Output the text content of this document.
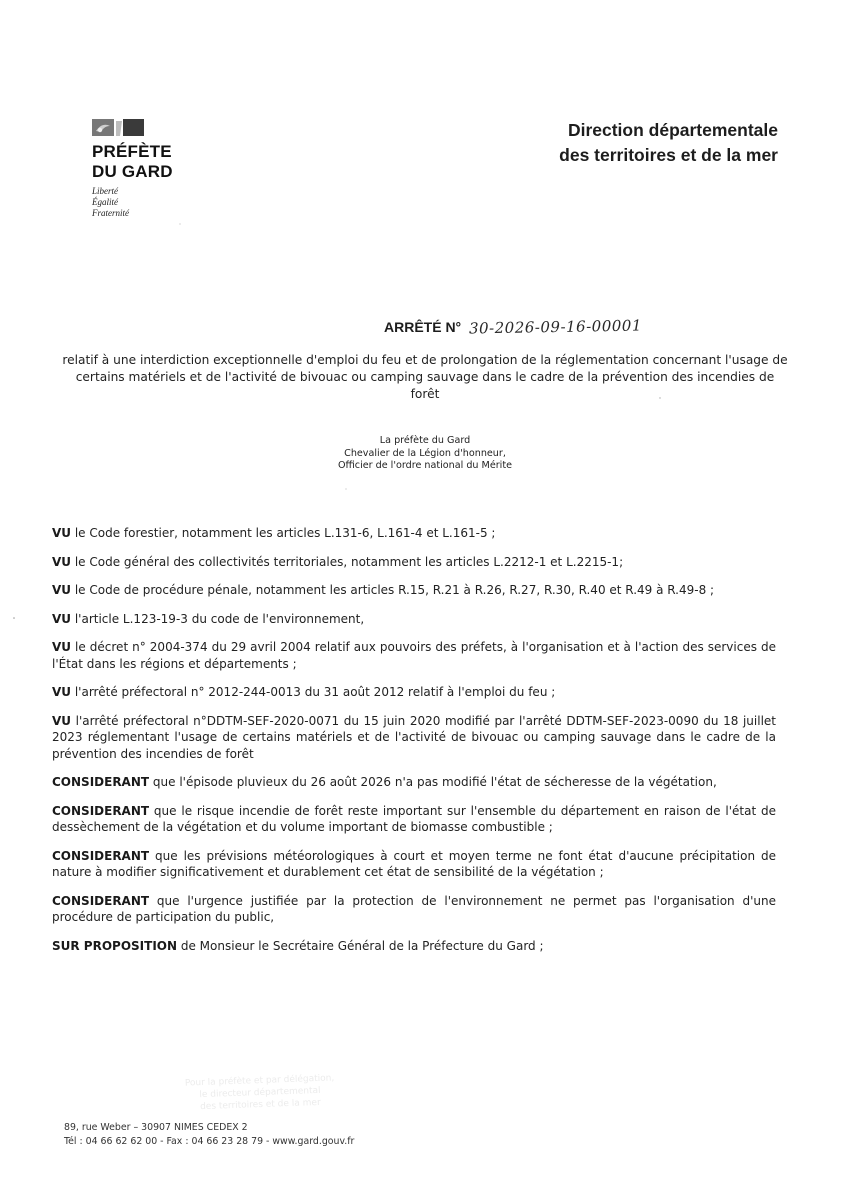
PRÉFÈTE
DU GARD
Liberté
Égalité
Fraternité
Direction départementale
des territoires et de la mer
ARRÊTÉ N° 30-2026-09-16-00001
relatif à une interdiction exceptionnelle d'emploi du feu et de prolongation de la réglementation concernant l'usage de certains matériels et de l'activité de bivouac ou camping sauvage dans le cadre de la prévention des incendies de forêt
La préfète du Gard
Chevalier de la Légion d'honneur,
Officier de l'ordre national du Mérite
VU le Code forestier, notamment les articles L.131-6, L.161-4 et L.161-5 ;
VU le Code général des collectivités territoriales, notamment les articles L.2212-1 et L.2215-1;
VU le Code de procédure pénale, notamment les articles R.15, R.21 à R.26, R.27, R.30, R.40 et R.49 à R.49-8 ;
VU l'article L.123-19-3 du code de l'environnement,
VU le décret n° 2004-374 du 29 avril 2004 relatif aux pouvoirs des préfets, à l'organisation et à l'action des services de l'État dans les régions et départements ;
VU l'arrêté préfectoral n° 2012-244-0013 du 31 août 2012 relatif à l'emploi du feu ;
VU l'arrêté préfectoral n°DDTM-SEF-2020-0071 du 15 juin 2020 modifié par l'arrêté DDTM-SEF-2023-0090 du 18 juillet 2023 réglementant l'usage de certains matériels et de l'activité de bivouac ou camping sauvage dans le cadre de la prévention des incendies de forêt
CONSIDERANT que l'épisode pluvieux du 26 août 2026 n'a pas modifié l'état de sécheresse de la végétation,
CONSIDERANT que le risque incendie de forêt reste important sur l'ensemble du département en raison de l'état de dessèchement de la végétation et du volume important de biomasse combustible ;
CONSIDERANT que les prévisions météorologiques à court et moyen terme ne font état d'aucune précipitation de nature à modifier significativement et durablement cet état de sensibilité de la végétation ;
CONSIDERANT que l'urgence justifiée par la protection de l'environnement ne permet pas l'organisation d'une procédure de participation du public,
SUR PROPOSITION de Monsieur le Secrétaire Général de la Préfecture du Gard ;
Pour la préfète et par délégation,
le directeur départemental
des territoires et de la mer
89, rue Weber – 30907 NIMES CEDEX 2
Tél : 04 66 62 62 00 - Fax : 04 66 23 28 79 - www.gard.gouv.fr
